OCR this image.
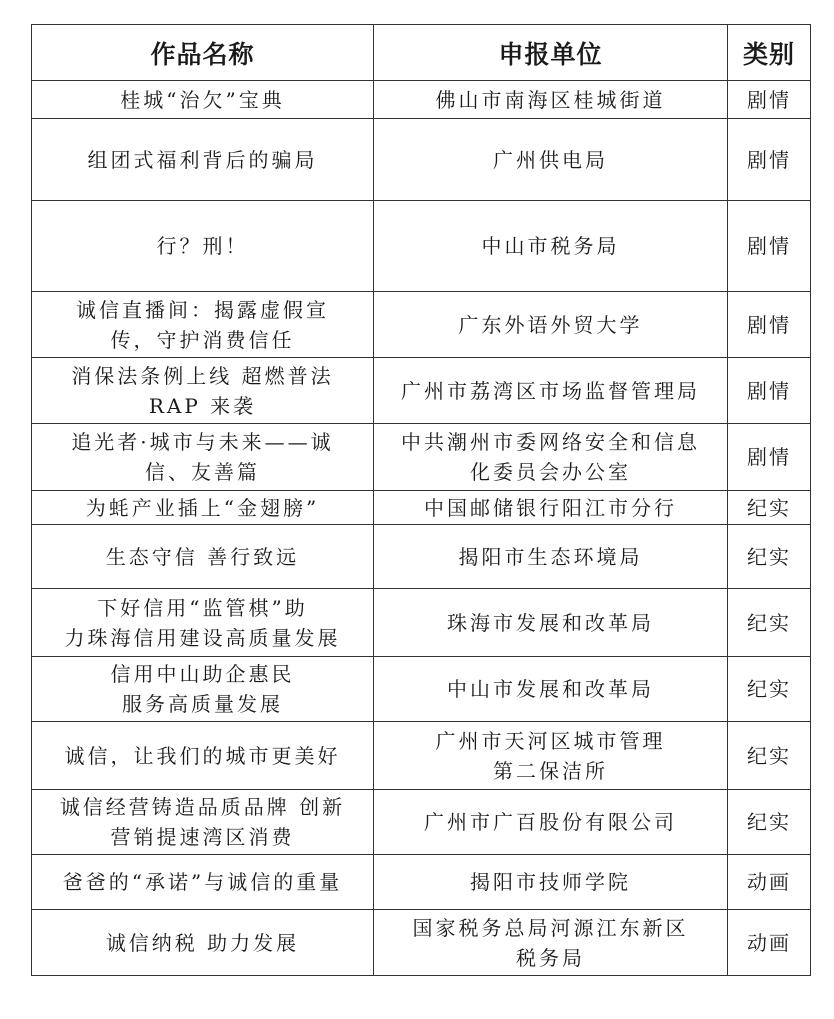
作品名称	申报单位	类别

桂城“治欠”宝典	佛山市南海区桂城街道	剧情

组团式福利背后的骗局	广州供电局	剧情

行？刑！	中山市税务局	剧情

诚信直播间：揭露虚假宣
传，守护消费信任	广东外语外贸大学	剧情

消保法条例上线 超燃普法
RAP 来袭	广州市荔湾区市场监督管理局	剧情

追光者·城市与未来——诚
信、友善篇	中共潮州市委网络安全和信息
化委员会办公室	剧情

为蚝产业插上“金翅膀”	中国邮储银行阳江市分行	纪实

生态守信 善行致远	揭阳市生态环境局	纪实

下好信用“监管棋”助
力珠海信用建设高质量发展	珠海市发展和改革局	纪实

信用中山助企惠民
服务高质量发展	中山市发展和改革局	纪实

诚信，让我们的城市更美好	广州市天河区城市管理
第二保洁所	纪实

诚信经营铸造品质品牌 创新
营销提速湾区消费	广州市广百股份有限公司	纪实

爸爸的“承诺”与诚信的重量	揭阳市技师学院	动画

诚信纳税 助力发展	国家税务总局河源江东新区
税务局	动画
